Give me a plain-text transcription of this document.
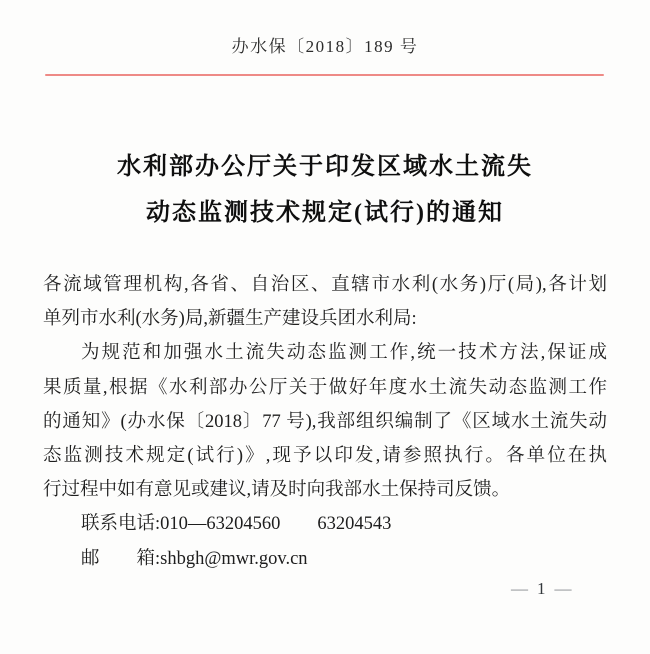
办水保〔2018〕189 号
水利部办公厅关于印发区域水土流失
动态监测技术规定(试行)的通知
各流域管理机构,各省、自治区、直辖市水利(水务)厅(局),各计划
单列市水利(水务)局,新疆生产建设兵团水利局:
为规范和加强水土流失动态监测工作,统一技术方法,保证成
果质量,根据《水利部办公厅关于做好年度水土流失动态监测工作
的通知》(办水保〔2018〕77 号),我部组织编制了《区域水土流失动
态监测技术规定(试行)》,现予以印发,请参照执行。各单位在执
行过程中如有意见或建议,请及时向我部水土保持司反馈。
联系电话:010—63204560　　63204543
邮　　箱:shbgh@mwr.gov.cn
— 1 —
